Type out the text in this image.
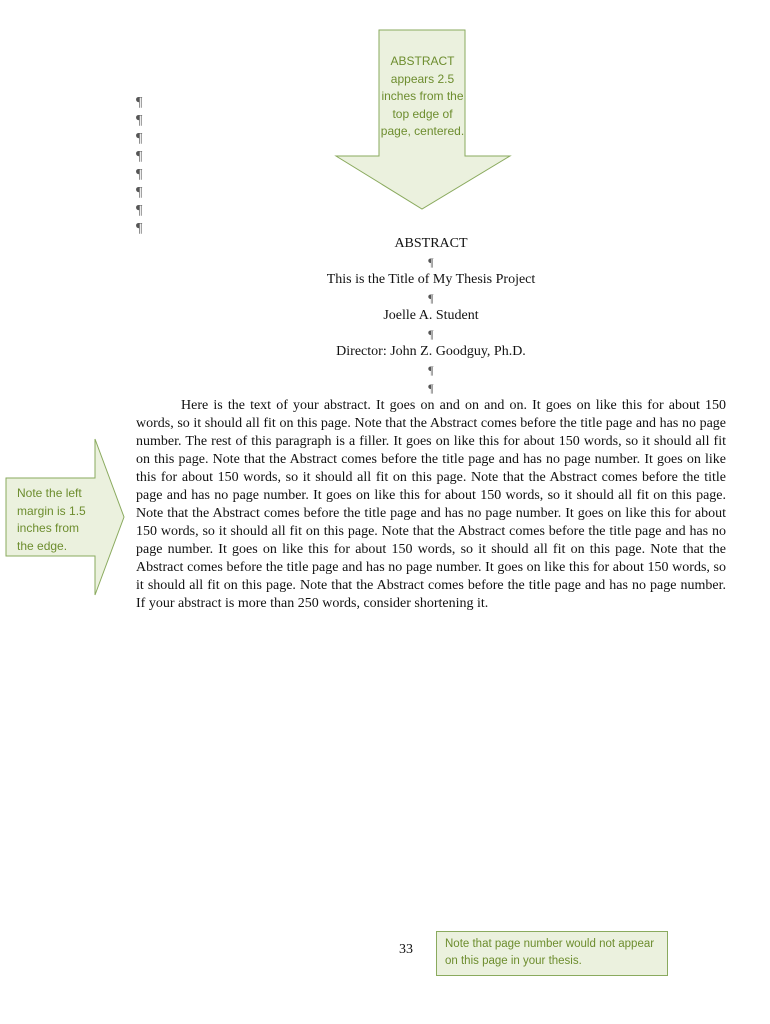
¶
¶
¶
¶
¶
¶
¶
¶
ABSTRACT appears 2.5 inches from the top edge of page, centered.
Note the left margin is 1.5 inches from the edge.
ABSTRACT
¶
This is the Title of My Thesis Project
¶
Joelle A. Student
¶
Director: John Z. Goodguy, Ph.D.
¶
¶

Here is the text of your abstract. It goes on and on and on. It goes on like this for about 150 words, so it should all fit on this page. Note that the Abstract comes before the title page and has no page number. The rest of this paragraph is a filler. It goes on like this for about 150 words, so it should all fit on this page. Note that the Abstract comes before the title page and has no page number. It goes on like this for about 150 words, so it should all fit on this page. Note that the Abstract comes before the title page and has no page number. It goes on like this for about 150 words, so it should all fit on this page. Note that the Abstract comes before the title page and has no page number. It goes on like this for about 150 words, so it should all fit on this page. Note that the Abstract comes before the title page and has no page number. It goes on like this for about 150 words, so it should all fit on this page. Note that the Abstract comes before the title page and has no page number. It goes on like this for about 150 words, so it should all fit on this page. Note that the Abstract comes before the title page and has no page number. If your abstract is more than 250 words, consider shortening it.

33	Note that page number would not appear on this page in your thesis.
